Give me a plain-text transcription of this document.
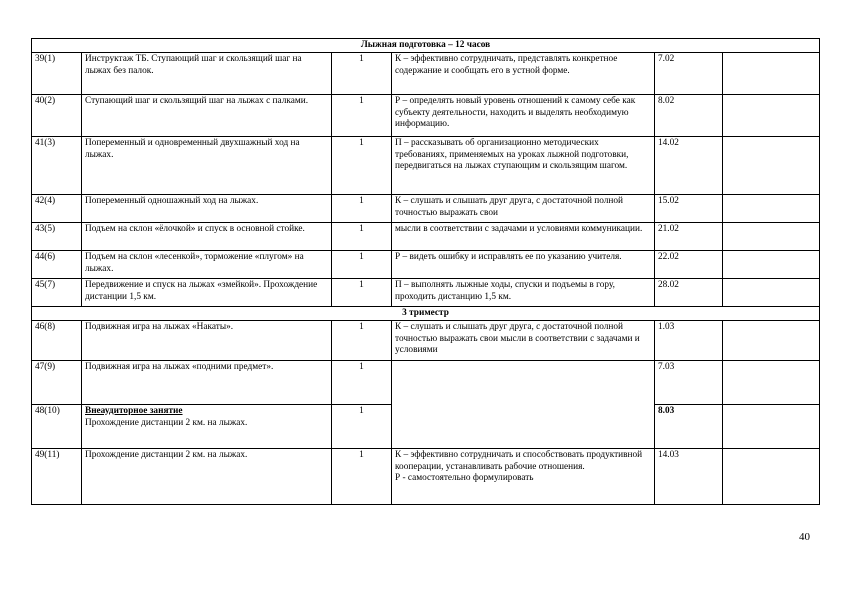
Лыжная подготовка – 12 часов					
39(1)	Инструктаж ТБ. Ступающий шаг и скользящий шаг на лыжах без палок.	1	К – эффективно сотрудничать, представлять конкретное содержание и сообщать его в устной форме.	7.02	
40(2)	Ступающий шаг и скользящий шаг на лыжах с палками.	1	Р – определять новый уровень отношений к самому себе как субъекту деятельности, находить и выделять необходимую информацию.	8.02	
41(3)	Попеременный и одновременный двухшажный ход на лыжах.	1	П – рассказывать об организационно методических требованиях, применяемых на уроках лыжной подготовки, передвигаться на лыжах ступающим и скользящим шагом.	14.02	
42(4)	Попеременный одношажный ход на лыжах.	1	К – слушать и слышать друг друга, с достаточной полной точностью выражать свои	15.02	
43(5)	Подъем на склон «ёлочкой» и спуск в основной стойке.	1	мысли в соответствии с задачами и условиями коммуникации.	21.02	
44(6)	Подъем на склон «лесенкой», торможение «плугом» на лыжах.	1	Р – видеть ошибку и исправлять ее по указанию учителя.	22.02	
45(7)	Передвижение и спуск на лыжах «змейкой». Прохождение дистанции 1,5 км.	1	П – выполнять лыжные ходы, спуски и подъемы в гору, проходить дистанцию 1,5 км.	28.02	
3 триместр					
46(8)	Подвижная игра на лыжах «Накаты».	1	К – слушать и слышать друг друга, с достаточной полной точностью выражать свои мысли в соответствии с задачами и условиями	1.03	
47(9)	Подвижная игра на лыжах «подними предмет».	1		7.03	
48(10)	Внеаудиторное занятие
Прохождение дистанции 2 км. на лыжах.	1		8.03	
49(11)	Прохождение дистанции 2 км. на лыжах.	1	К – эффективно сотрудничать и способствовать продуктивной кооперации, устанавливать рабочие отношения.
Р - самостоятельно формулировать	14.03	
40
